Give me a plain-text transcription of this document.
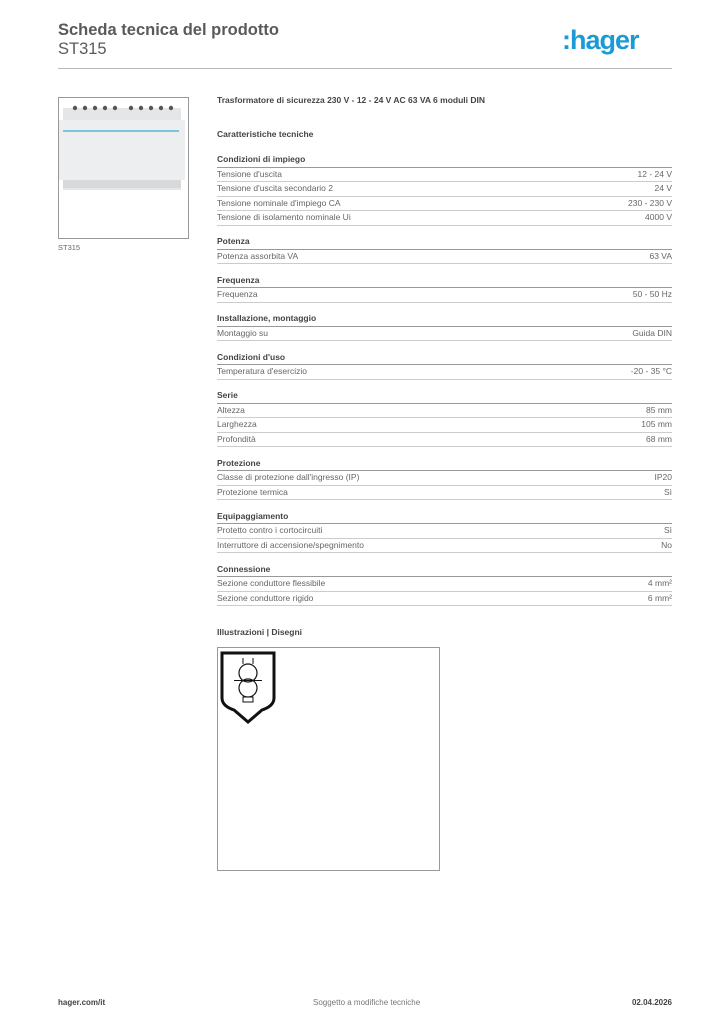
Scheda tecnica del prodotto
ST315	:hager
ST315
Trasformatore di sicurezza 230 V - 12 - 24 V AC 63 VA 6 moduli DIN
Caratteristiche tecniche
Condizioni di impiego
Tensione d'uscita	12 - 24 V
Tensione d'uscita secondario 2	24 V
Tensione nominale d'impiego CA	230 - 230 V
Tensione di isolamento nominale Ui	4000 V
Potenza
Potenza assorbita VA	63 VA
Frequenza
Frequenza	50 - 50 Hz
Installazione, montaggio
Montaggio su	Guida DIN
Condizioni d'uso
Temperatura d'esercizio	-20 - 35 °C
Serie
Altezza	85 mm
Larghezza	105 mm
Profondità	68 mm
Protezione
Classe di protezione dall'ingresso (IP)	IP20
Protezione termica	Sì
Equipaggiamento
Protetto contro i cortocircuiti	Sì
Interruttore di accensione/spegnimento	No
Connessione
Sezione conduttore flessibile	4 mm²
Sezione conduttore rigido	6 mm²
Illustrazioni | Disegni
hager.com/it	Soggetto a modifiche tecniche	02.04.2026
